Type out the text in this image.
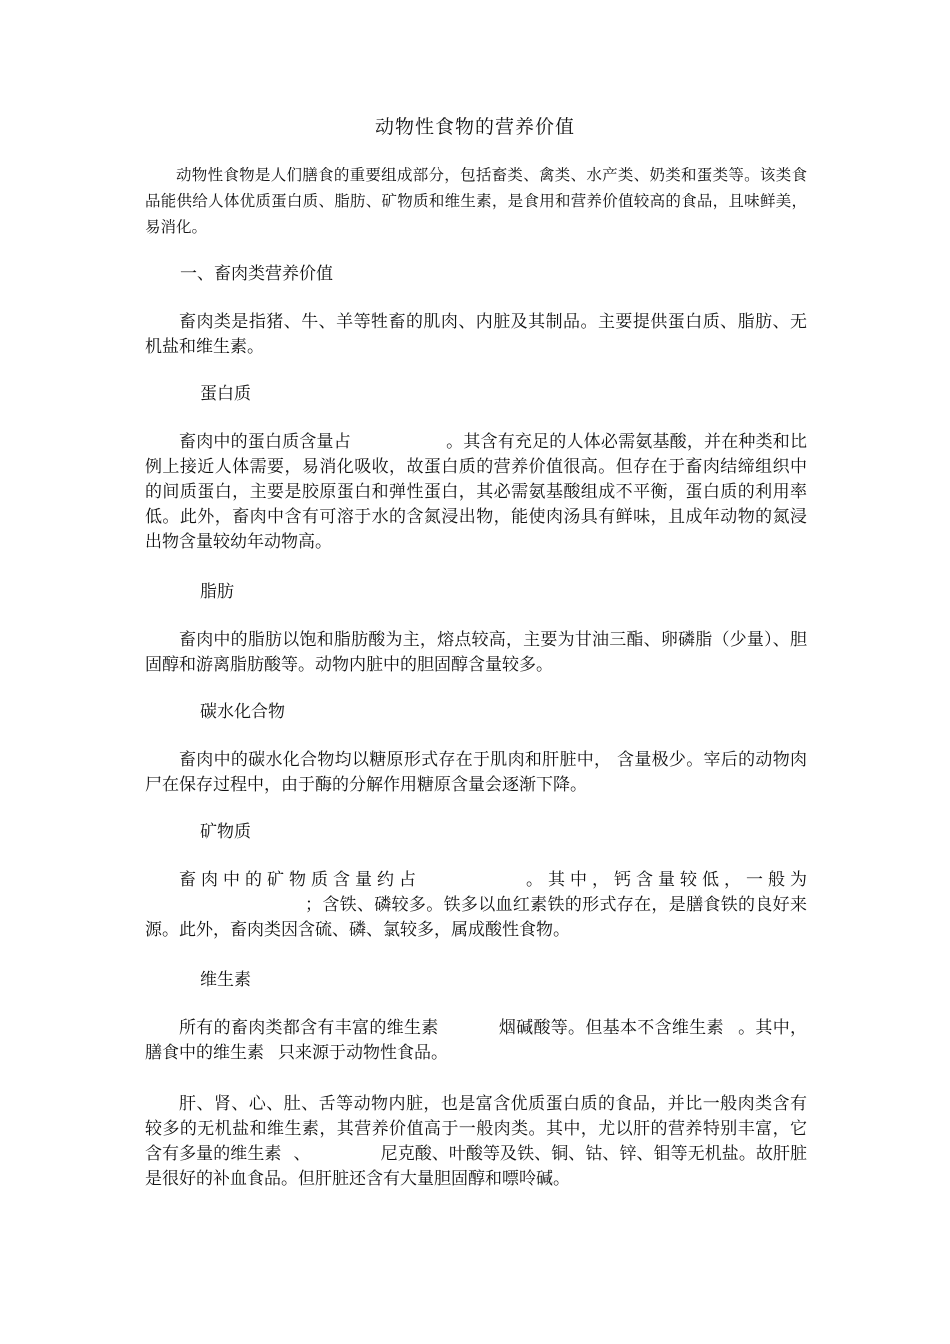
动物性食物的营养价值

动物性食物是人们膳食的重要组成部分，包括畜类、禽类、水产类、奶类和蛋类等。该类食品能供给人体优质蛋白质、脂肪、矿物质和维生素，是食用和营养价值较高的食品，且味鲜美，易消化。

一、畜肉类营养价值

畜肉类是指猪、牛、羊等牲畜的肌肉、内脏及其制品。主要提供蛋白质、脂肪、无机盐和维生素。

蛋白质

畜肉中的蛋白质含量占	。其含有充足的人体必需氨基酸，并在种类和比例上接近人体需要，易消化吸收，故蛋白质的营养价值很高。但存在于畜肉结缔组织中的间质蛋白，主要是胶原蛋白和弹性蛋白，其必需氨基酸组成不平衡，蛋白质的利用率低。此外，畜肉中含有可溶于水的含氮浸出物，能使肉汤具有鲜味，且成年动物的氮浸出物含量较幼年动物高。

脂肪

畜肉中的脂肪以饱和脂肪酸为主，熔点较高，主要为甘油三酯、卵磷脂（少量）、胆固醇和游离脂肪酸等。动物内脏中的胆固醇含量较多。

碳水化合物

畜肉中的碳水化合物均以糖原形式存在于肌肉和肝脏中， 含量极少。宰后的动物肉尸在保存过程中，由于酶的分解作用糖原含量会逐渐下降。

矿物质

畜肉中的矿物质含量约占	。其中，钙含量较低，一般为；含铁、磷较多。铁多以血红素铁的形式存在，是膳食铁的良好来源。此外，畜肉类因含硫、磷、氯较多，属成酸性食物。

维生素

所有的畜肉类都含有丰富的维生素	烟碱酸等。但基本不含维生素 。其中，膳食中的维生素 只来源于动物性食品。

肝、肾、心、肚、舌等动物内脏，也是富含优质蛋白质的食品，并比一般肉类含有较多的无机盐和维生素，其营养价值高于一般肉类。其中，尤以肝的营养特别丰富，它含有多量的维生素 、	尼克酸、叶酸等及铁、铜、钴、锌、钼等无机盐。故肝脏是很好的补血食品。但肝脏还含有大量胆固醇和嘌呤碱。
